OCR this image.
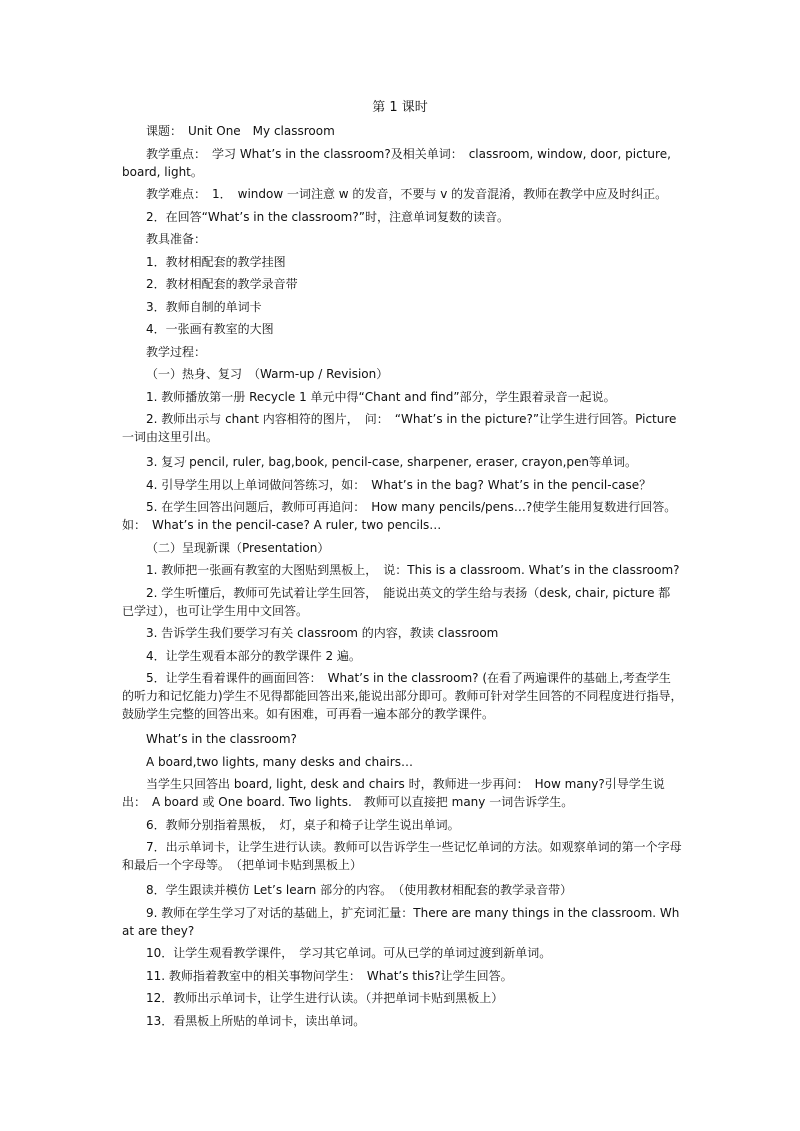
第 1 课时

课题：　Unit One　My classroom

教学重点：　学习 What’s in the classroom?及相关单词：　classroom, window, door, picture, board, light。

教学难点：　1．　window 一词注意 w 的发音，不要与 v 的发音混淆，教师在教学中应及时纠正。

2．在回答“What’s in the classroom?”时，注意单词复数的读音。

教具准备：

1．教材相配套的教学挂图

2．教材相配套的教学录音带

3．教师自制的单词卡

4．一张画有教室的大图

教学过程：

（一）热身、复习　（Warm-up / Revision）

1. 教师播放第一册 Recycle 1 单元中得“Chant and find”部分，学生跟着录音一起说。

2. 教师出示与 chant 内容相符的图片，　问：　“What’s in the picture?”让学生进行回答。Picture 一词由这里引出。

3. 复习 pencil, ruler, bag,book, pencil-case, sharpener, eraser, crayon,pen等单词。

4. 引导学生用以上单词做问答练习，如：　What’s in the bag? What’s in the pencil-case？

5. 在学生回答出问题后，教师可再追问：　How many pencils/pens…?使学生能用复数进行回答。如：　What’s in the pencil-case? A ruler, two pencils…

（二）呈现新课（Presentation）

1. 教师把一张画有教室的大图贴到黑板上，　说：This is a classroom. What’s in the classroom?

2. 学生听懂后，教师可先试着让学生回答，　能说出英文的学生给与表扬（desk, chair, picture 都已学过），也可让学生用中文回答。

3. 告诉学生我们要学习有关 classroom 的内容，教读 classroom

4．让学生观看本部分的教学课件 2 遍。

5．让学生看着课件的画面回答：　What’s in the classroom? (在看了两遍课件的基础上,考查学生的听力和记忆能力)学生不见得都能回答出来,能说出部分即可。教师可针对学生回答的不同程度进行指导，　鼓励学生完整的回答出来。如有困难，可再看一遍本部分的教学课件。

What’s in the classroom?

A board,two lights, many desks and chairs…

当学生只回答出 board, light, desk and chairs 时，教师进一步再问：　How many?引导学生说出：　A board 或 One board. Two lights.　教师可以直接把 many 一词告诉学生。

6．教师分别指着黑板，　灯，桌子和椅子让学生说出单词。

7．出示单词卡，让学生进行认读。教师可以告诉学生一些记忆单词的方法。如观察单词的第一个字母和最后一个字母等。　（把单词卡贴到黑板上）

8．学生跟读并模仿 Let’s learn 部分的内容。　（使用教材相配套的教学录音带）

9. 教师在学生学习了对话的基础上，扩充词汇量：There are many things in the classroom. What are they?

10．让学生观看教学课件，　学习其它单词。可从已学的单词过渡到新单词。

11. 教师指着教室中的相关事物问学生：　What’s this?让学生回答。

12．教师出示单词卡，让学生进行认读。（并把单词卡贴到黑板上）

13．看黑板上所贴的单词卡，读出单词。
